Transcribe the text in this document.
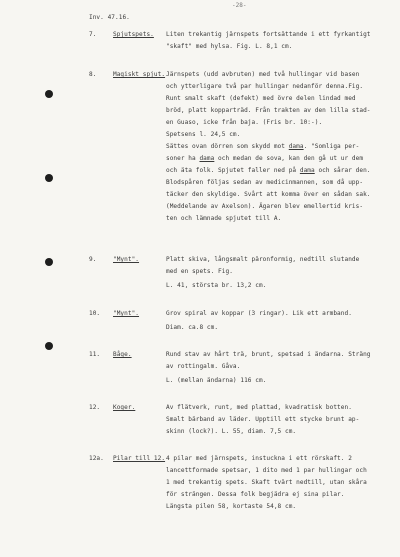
-28-
Inv. 47.16.
7.	Spjutspets. Liten trekantig järnspets fortsättande i ett fyrkantigt
"skaft" med hylsa. Fig. L. 8,1 cm.
8.	Magiskt spjut. Järnspets (udd avbruten) med två hullingar vid basen
och ytterligare två par hullingar nedanför denna.Fig.
Runt smalt skaft (defekt) med övre delen lindad med
bröd, platt kopparträd. Från trakten av den lilla stad-
en Guaso, icke från baja. (Fris br. 10:-).
Spetsens l. 24,5 cm.
Sättes ovan dörren som skydd mot dama. "Somliga per-
soner ha dama och medan de sova, kan den gå ut ur dem
och äta folk. Spjutet faller ned på dama och sårar den.
Blodspåren följas sedan av medicinmannen, som då upp-
täcker den skyldige. Svårt att komma över en sådan sak.
(Meddelande av Axelson). Ägaren blev emellertid kris-
ten och lämnade spjutet till A.
9.	"Mynt".	Platt skiva, långsmalt päronformig, nedtill slutande
med en spets. Fig.
L. 41, största br. 13,2 cm.
10. "Mynt".	Grov spiral av koppar (3 ringar). Lik ett armband.
Diam. ca.8 cm.
11. Båge.	Rund stav av hårt trä, brunt, spetsad i ändarna. Sträng
av rottingalm. Gåva.
L. (mellan ändarna) 116 cm.
12. Koger.	Av flätverk, runt, med plattad, kvadratisk botten.
Smalt bärband av läder. Upptill ett stycke brunt ap-
skinn (lock?). L. 55, diam. 7,5 cm.
12a. Pilar till 12. 4 pilar med järnspets, instuckna i ett rörskaft. 2
lancettformade spetsar, 1 dito med 1 par hullingar och
1 med trekantig spets. Skaft tvärt nedtill, utan skåra
för strängen. Dessa folk begjädra ej sina pilar.
Längsta pilen 58, kortaste 54,8 cm.
